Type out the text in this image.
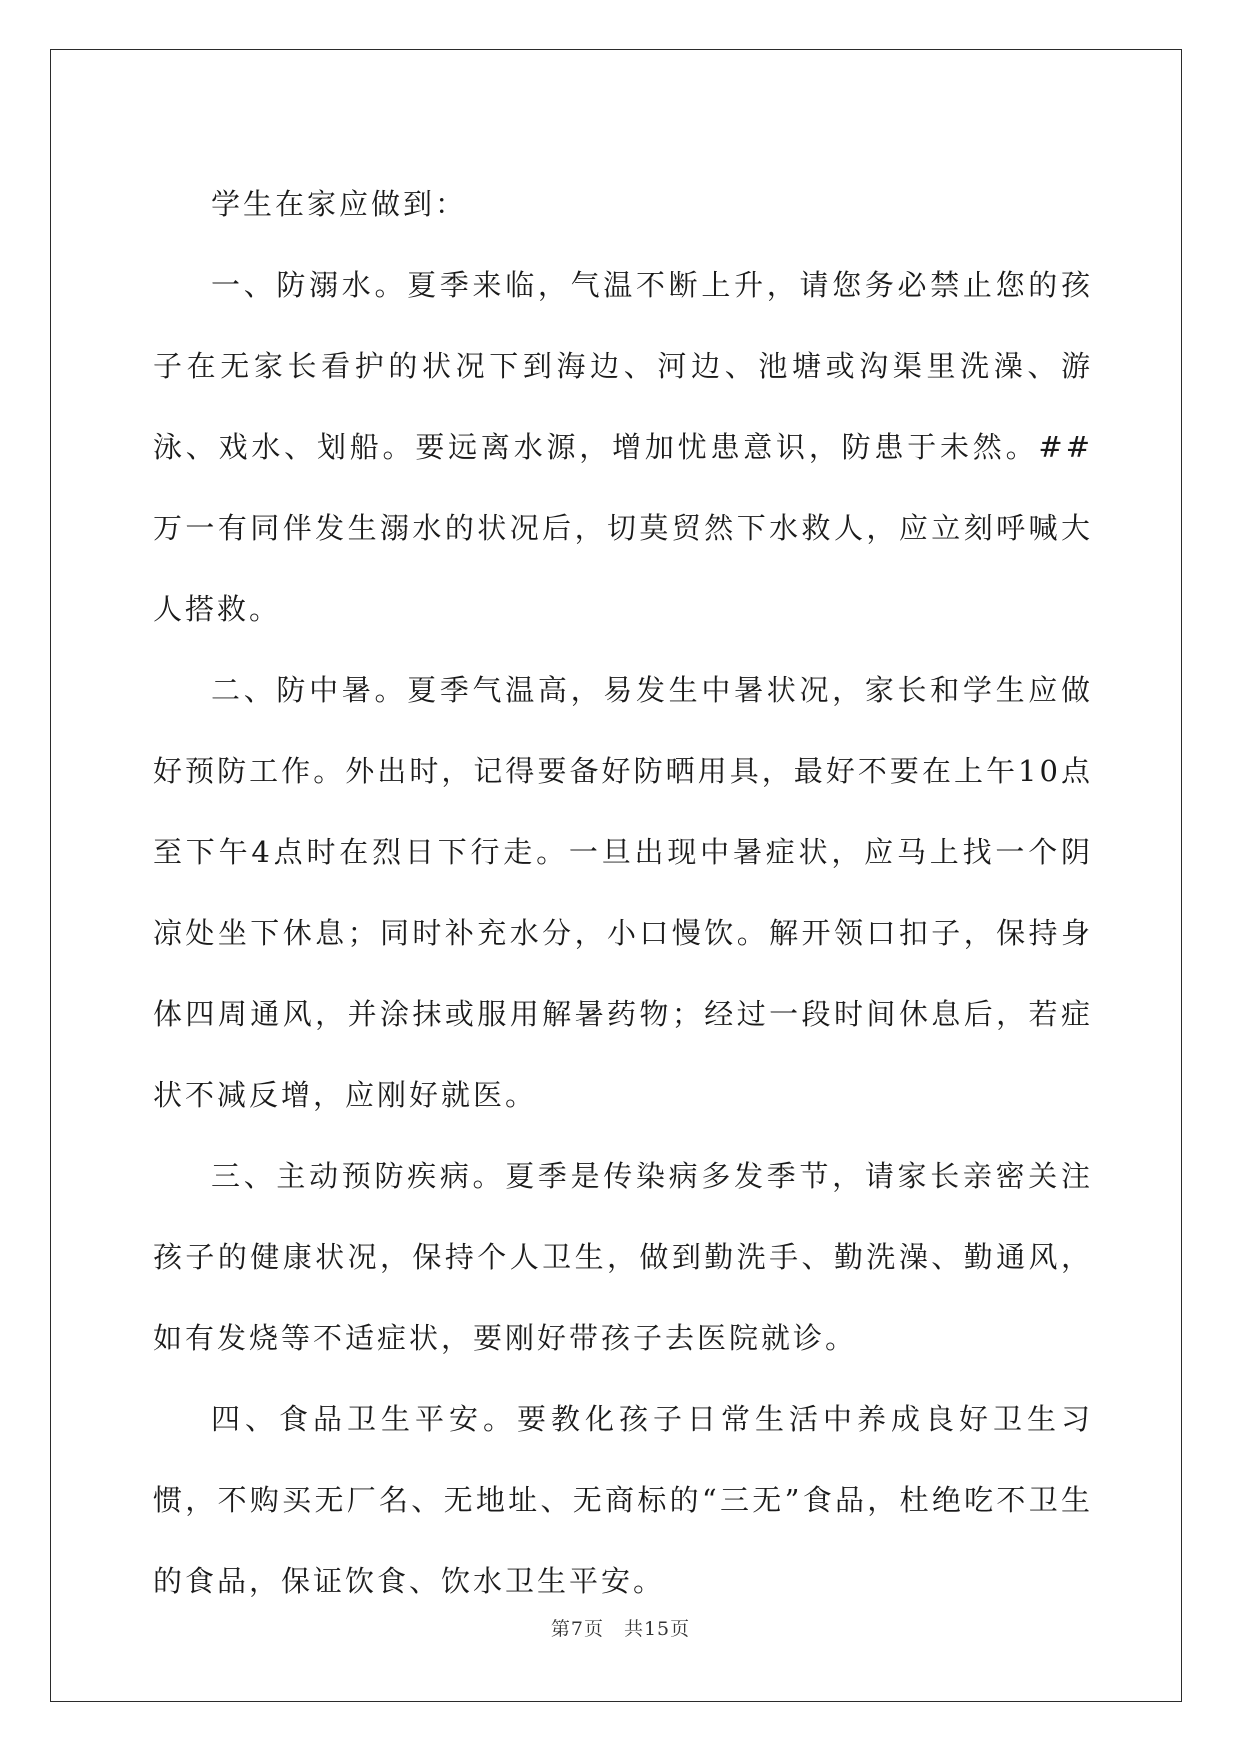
学生在家应做到：

一、防溺水。夏季来临，气温不断上升，请您务必禁止您的孩子在无家长看护的状况下到海边、河边、池塘或沟渠里洗澡、游泳、戏水、划船。要远离水源，增加忧患意识，防患于未然。##万一有同伴发生溺水的状况后，切莫贸然下水救人，应立刻呼喊大人搭救。

二、防中暑。夏季气温高，易发生中暑状况，家长和学生应做好预防工作。外出时，记得要备好防晒用具，最好不要在上午10点至下午4点时在烈日下行走。一旦出现中暑症状，应马上找一个阴凉处坐下休息；同时补充水分，小口慢饮。解开领口扣子，保持身体四周通风，并涂抹或服用解暑药物；经过一段时间休息后，若症状不减反增，应刚好就医。

三、主动预防疾病。夏季是传染病多发季节，请家长亲密关注孩子的健康状况，保持个人卫生，做到勤洗手、勤洗澡、勤通风，如有发烧等不适症状，要刚好带孩子去医院就诊。

四、食品卫生平安。要教化孩子日常生活中养成良好卫生习惯，不购买无厂名、无地址、无商标的“三无”食品，杜绝吃不卫生的食品，保证饮食、饮水卫生平安。

第7页 共15页
